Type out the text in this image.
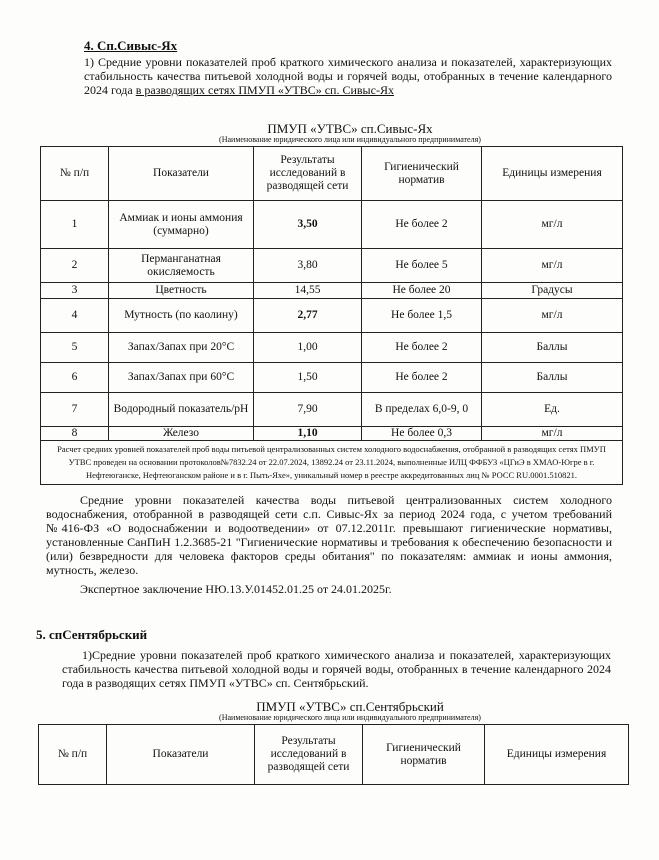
4. Сп.Сивыс-Ях
1) Средние уровни показателей проб краткого химического анализа и показателей, характеризующих стабильность качества питьевой холодной воды и горячей воды, отобранных в течение календарного 2024 года в разводящих сетях ПМУП «УТВС» сп. Сивыс-Ях
ПМУП «УТВС» сп.Сивыс-Ях
(Наименование юридического лица или индивидуального предпринимателя)
№ п/п	Показатели	Результаты исследований в разводящей сети	Гигиенический норматив	Единицы измерения
1	Аммиак и ионы аммония (суммарно)	3,50	Не более 2	мг/л
2	Перманганатная окисляемость	3,80	Не более 5	мг/л
3	Цветность	14,55	Не более 20	Градусы
4	Мутность (по каолину)	2,77	Не более 1,5	мг/л
5	Запах/Запах при 20°С	1,00	Не более 2	Баллы
6	Запах/Запах при 60°С	1,50	Не более 2	Баллы
7	Водородный показатель/pH	7,90	В пределах 6,0-9, 0	Ед.
8	Железо	1,10	Не более 0,3	мг/л
Расчет средних уровней показателей проб воды питьевой централизованных систем холодного водоснабжения, отобранной в разводящих сетях ПМУП УТВС проведен на основании протоколов№7832.24 от 22.07.2024, 13892.24 от 23.11.2024, выполненные ИЛЦ ФФБУЗ «ЦГиЭ в ХМАО-Югре в г. Нефтеюганске, Нефтеюганском районе и в г. Пыть-Яхе», уникальный номер в реестре аккредитованных лиц № РОСС RU.0001.510821.				
Средние уровни показателей качества воды питьевой централизованных систем холодного водоснабжения, отобранной в разводящей сети с.п. Сивыс-Ях за период 2024 года, с учетом требований №416-ФЗ «О водоснабжении и водоотведении» от 07.12.2011г. превышают гигиенические нормативы, установленные СанПиН 1.2.3685-21 "Гигиенические нормативы и требования к обеспечению безопасности и (или) безвредности для человека факторов среды обитания" по показателям: аммиак и ионы аммония, мутность, железо.
Экспертное заключение НЮ.13.У.01452.01.25 от 24.01.2025г.
5. спСентябрьский
1)Средние уровни показателей проб краткого химического анализа и показателей, характеризующих стабильность качества питьевой холодной воды и горячей воды, отобранных в течение календарного 2024 года в разводящих сетях ПМУП «УТВС» сп. Сентябрьский.
ПМУП «УТВС» сп.Сентябрьский
(Наименование юридического лица или индивидуального предпринимателя)
№ п/п	Показатели	Результаты исследований в разводящей сети	Гигиенический норматив	Единицы измерения
